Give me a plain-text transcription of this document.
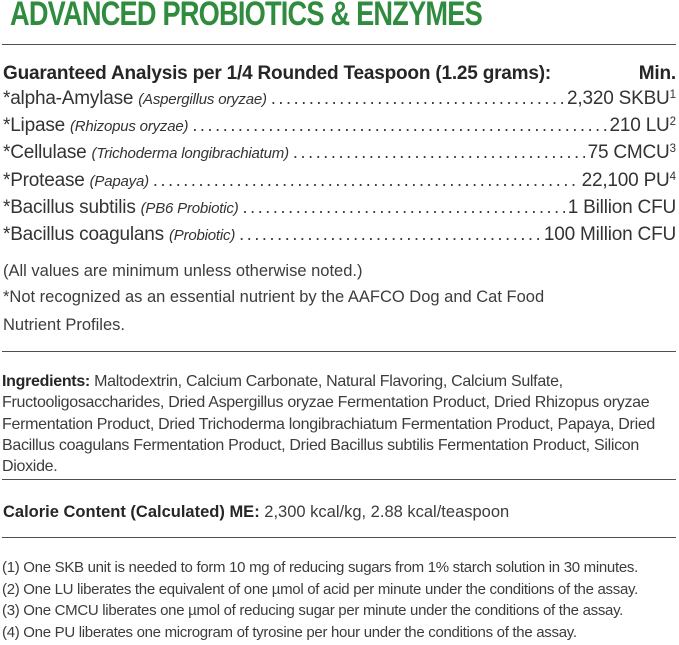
ADVANCED PROBIOTICS & ENZYMES
Guaranteed Analysis per 1/4 Rounded Teaspoon (1.25 grams):	Min.
*alpha-Amylase (Aspergillus oryzae) .....	2,320 SKBU$^1$
*Lipase (Rhizopus oryzae) .....	210 $LU^2$
*Cellulase (Trichoderma longibrachiatum) .....	75 CMCU$^3$
*Protease (Papaya) .....	22,100 $PU^4$
*Bacillus subtilis (PB6 Probiotic) .....	1 Billion CFU
*Bacillus coagulans (Probiotic) .....	100 Million CFU
(All values are minimum unless otherwise noted.)
*Not recognized as an essential nutrient by the AAFCO Dog and Cat Food Nutrient Profiles.
Ingredients: Maltodextrin, Calcium Carbonate, Natural Flavoring, Calcium Sulfate, Fructooligosaccharides, Dried Aspergillus oryzae Fermentation Product, Dried Rhizopus oryzae Fermentation Product, Dried Trichoderma longibrachiatum Fermentation Product, Papaya, Dried Bacillus coagulans Fermentation Product, Dried Bacillus subtilis Fermentation Product, Silicon Dioxide.
Calorie Content (Calculated) ME: 2,300 kcal/kg, 2.88 kcal/teaspoon
(1) One SKB unit is needed to form 10 mg of reducing sugars from 1% starch solution in 30 minutes.
(2) One LU liberates the equivalent of one µmol of acid per minute under the conditions of the assay.
(3) One CMCU liberates one µmol of reducing sugar per minute under the conditions of the assay.
(4) One PU liberates one microgram of tyrosine per hour under the conditions of the assay.
